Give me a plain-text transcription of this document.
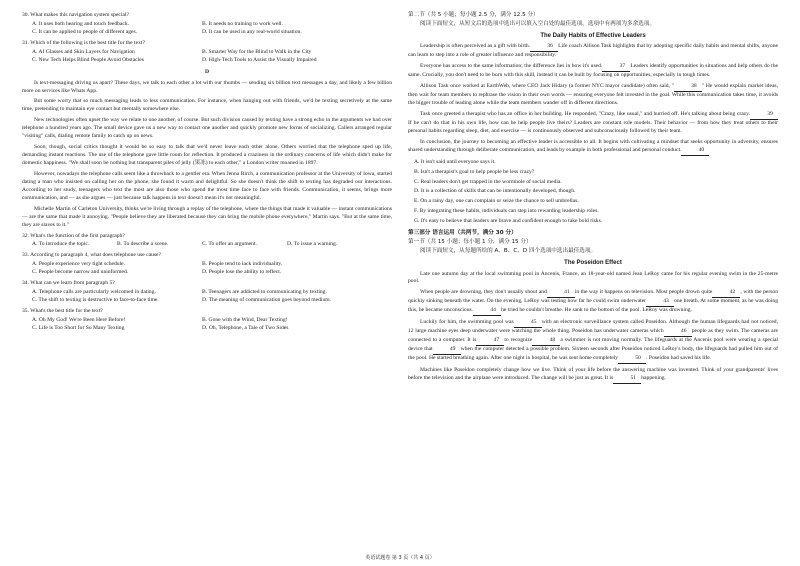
30. What makes this navigation system special?
A. It uses both hearing and touch feedback.	B. It needs no training to work well.
C. It can be applied to people of different ages.	D. It can be used in any real-world situation.
31. Which of the following is the best title for the text?
A. AI Glasses and Skin Layers for Navigation	B. Smarter Way for the Blind to Walk in the City
C. New Tech Helps Blind People Avoid Obstacles	D. High-Tech Tools to Assist the Visually Impaired
D

Is text-messaging driving us apart? These days, we talk to each other a lot with our thumbs — sending six billion text messages a day, and likely a few billion more on services like Whats App.

But some worry that so much messaging leads to less communication. For instance, when hanging out with friends, we'd be texting secretively at the same time, pretending to maintain eye contact but mentally somewhere else.

New technologies often upset the way we relate to one another, of course. But such division caused by texting have a strong echo in the arguments we had over telephone a hundred years ago. The small device gave us a new way to contact one another and quickly promote new forms of socializing. Callers arranged regular "visiting" calls, dialing remote family to catch up on news.

Soon, though, social critics thought it would be so easy to talk that we'd never leave each other alone. Others worried that the telephone sped up life, demanding instant reactions. The use of the telephone gave little room for reflection. It produced a craziness in the ordinary concerns of life which didn't make for domestic happiness. "We shall soon be nothing but transparent piles of jelly (果冻) to each other," a London writer moaned in 1897.

However, nowadays the telephone calls seem like a throwback to a gentler era. When Jenna Birch, a communication professor at the University of Iowa, started dating a man who insisted on calling her on the phone, she found it warm and delightful. So she doesn't think the shift to texting has degraded our interactions. According to her study, teenagers who text the most are also those who spend the most time face to face with friends. Communication, it seems, brings more communication, and — as she argues — just because talk happens in text doesn't mean it's not meaningful.

Michelle Martin of Carleton University, thinks we're living through a replay of the telephone, where the things that made it valuable — instant communications — are the same that made it annoying. "People believe they are liberated because they can bring the mobile phone everywhere," Martin says. "But at the same time, they are slaves to it."

32. What's the function of the first paragraph?
A. To introduce the topic.	B. To describe a scene.	C. To offer an argument.	D. To issue a warning.
33. According to paragraph 4, what does telephone use cause?
A. People experience very tight schedule.	B. People tend to lack individuality.
C. People become narrow and uninformed.	D. People lose the ability to reflect.
34. What can we learn from paragraph 5?
A. Telephone calls are particularly welcomed in dating.	B. Teenagers are addicted to communicating by texting.
C. The shift to texting is destructive to face-to-face time.	D. The meaning of communication goes beyond medium.
35. What's the best title for the text?
A. Oh My God! We're Been Here Before!	B. Gone with the Wind, Dear Texting!
C. Life is Too Short for So Many Texting	D. Oh, Telephone, a Tale of Two Sides
第二节（共 5 小题；每小题 2.5 分，满分 12.5 分）
阅读下面短文，从短文后的选项中选出可以填入空白处的最佳选项。选项中有两项为多余选项。
The Daily Habits of Effective Leaders

Leadership is often perceived as a gift with birth.	36 Life coach Allison Task highlights that by adopting specific daily habits and mental shifts, anyone can learn to step into a role of greater influence and responsibility.

Everyone has access to the same information; the difference lies in how it's used.	37 Leaders identify opportunities in situations and help others do the same. Crucially, you don't need to be born with this skill, instead it can be built by focusing on opportunities, especially in tough times.

Allison Task once worked at EarthWeb, where CEO Jack Hidary (a former NYC mayor candidate) often said, "	38 " He would explain market ideas, then wait for team members to rephrase the vision in their own words — ensuring everyone felt invested in the goal. While this communication takes time, it avoids the bigger trouble of leading alone while the team members wander off in different directions.

Task once greeted a therapist who has an office in her building. He responded, "Crazy, like usual," and hurried off. He's talking about being crazy.	39If he can't do that in his own life, how can he help people live theirs? Leaders are constant role models. Their behavior — from how they treat others to their personal habits regarding sleep, diet, and exercise — is continuously observed and subconsciously followed by their team.

In conclusion, the journey to becoming an effective leader is accessible to all. It begins with cultivating a mindset that seeks opportunity in adversity, ensures shared understanding through deliberate communication, and leads by example in both professional and personal conduct.	40

A. It isn't said until everyone says it.
B. Isn't a therapist's goal to help people be less crazy?
C. Real leaders don't get trapped in the wormhole of social media.
D. It is a collection of skills that can be intentionally developed, though.
E. On a rainy day, one can complain or seize the chance to sell umbrellas.
F. By integrating these habits, individuals can step into rewarding leadership roles.
G. It's easy to believe that leaders are brave and confident enough to take bold risks.
第三部分 语言运用（共两节，满分 30 分）
第一节（共 15 小题；每小题 1 分，满分 15 分）
阅读下面短文，从每题所给的 A、B、C、D 四个选项中选出最佳选项。
The Poseidon Effect

Late one autumn day at the local swimming pool in Ancenis, France, an 18-year-old named Jean LeRoy came for his regular evening swim in the 25-metre pool.

When people are drowning, they don't usually shout and	41 in the way it happens on television. Most people drown quite	42 , with the person quickly sinking beneath the water. On the evening, LeRoy was testing how far he could swim underwater	43 one breath. At some moment, as he was doing this, he became unconscious.	44 he tried he couldn't breathe. He sank to the bottom of the pool. LeRoy was drowning.

Luckily for him, the swimming pool was	45 with an electronic surveillance system called Poseidon. Although the human lifeguards had not noticed, 12 large machine eyes deep underwater were watching the whole thing. Poseidon has underwater cameras which	46 people as they swim. The cameras are connected to a computer. It is	47 to recognize	48 a swimmer is not moving normally. The lifeguards at the Ancenis pool were wearing a special device that	49 when the computer detected a possible problem. Sixteen seconds after Poseidon noticed LeRoy's body, the lifeguards had pulled him out of the pool. He started breathing again. After one night in hospital, he was sent home completely	50 . Poseidon had saved his life.

Machines like Poseidon completely change how we live. Think of your life before the answering machine was invented. Think of your grandparents' lives before the television and the airplane were introduced. The change will be just as great. It is	51 happening.

英语试题卷 第 3 页（共 4 页）
